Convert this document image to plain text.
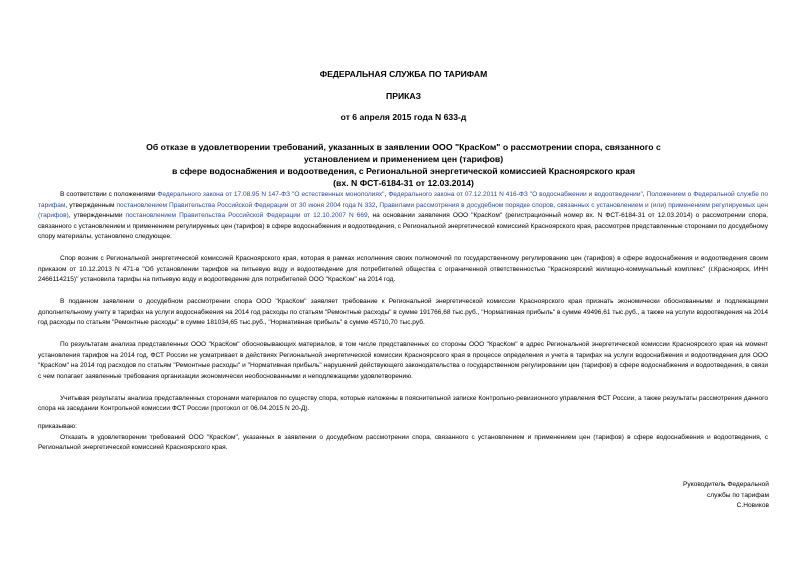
ФЕДЕРАЛЬНАЯ СЛУЖБА ПО ТАРИФАМ
ПРИКАЗ
от 6 апреля 2015 года N 633-д
Об отказе в удовлетворении требований, указанных в заявлении ООО "КрасКом" о рассмотрении спора, связанного с установлением и применением цен (тарифов)
в сфере водоснабжения и водоотведения, с Региональной энергетической комиссией Красноярского края
(вх. N ФСТ-6184-31 от 12.03.2014)

В соответствии с положениями Федерального закона от 17.08.95 N 147-ФЗ "О естественных монополиях", Федерального закона от 07.12.2011 N 416-ФЗ "О водоснабжении и водоотведении", Положением о Федеральной службе по тарифам, утвержденным постановлением Правительства Российской Федерации от 30 июня 2004 года N 332, Правилами рассмотрения в досудебном порядке споров, связанных с установлением и (или) применением регулируемых цен (тарифов), утвержденными постановлением Правительства Российской Федерации от 12.10.2007 N 669, на основании заявления ООО "КрасКом" (регистрационный номер вх. N ФСТ-6184-31 от 12.03.2014) о рассмотрении спора, связанного с установлением и применением регулируемых цен (тарифов) в сфере водоснабжения и водоотведения, с Региональной энергетической комиссией Красноярского края, рассмотрев представленные сторонами по досудебному спору материалы, установлено следующее.

Спор возник с Региональной энергетической комиссией Красноярского края, которая в рамках исполнения своих полномочий по государственному регулированию цен (тарифов) в сфере водоснабжения и водоотведения своим приказом от 10.12.2013 N 471-в "Об установлении тарифов на питьевую воду и водоотведение для потребителей общества с ограниченной ответственностью "Красноярский жилищно-коммунальный комплекс" (г.Красноярск, ИНН 2466114215)" установила тарифы на питьевую воду и водоотведение для потребителей ООО "КрасКом" на 2014 год.

В поданном заявлении о досудебном рассмотрении спора ООО "КрасКом" заявляет требование к Региональной энергетической комиссии Красноярского края признать экономически обоснованными и подлежащими дополнительному учету в тарифах на услуги водоснабжения на 2014 год расходы по статьям "Ремонтные расходы" в сумме 191766,68 тыс.руб., "Нормативная прибыль" в сумме 49496,61 тыс.руб., а также на услуги водоотведения на 2014 год расходы по статьям "Ремонтные расходы" в сумме 181034,65 тыс.руб., "Нормативная прибыль" в сумме 45710,70 тыс.руб.

По результатам анализа представленных ООО "КрасКом" обосновывающих материалов, в том числе представленных со стороны ООО "КрасКом" в адрес Региональной энергетической комиссии Красноярского края на момент установления тарифов на 2014 год, ФСТ России не усматривает в действиях Региональной энергетической комиссии Красноярского края в процессе определения и учета в тарифах на услуги водоснабжения и водоотведения для ООО "КрасКом" на 2014 год расходов по статьям "Ремонтные расходы" и "Нормативная прибыль" нарушений действующего законодательства о государственном регулировании цен (тарифов) в сфере водоснабжения и водоотведения, в связи с чем полагает заявленные требования организации экономически необоснованными и неподлежащими удовлетворению.

Учитывая результаты анализа представленных сторонами материалов по существу спора, которые изложены в пояснительной записке Контрольно-ревизионного управления ФСТ России, а также результаты рассмотрения данного спора на заседании Контрольной комиссии ФСТ России (протокол от 06.04.2015 N 20-Д).

приказываю:

Отказать в удовлетворении требований ООО "КрасКом", указанных в заявлении о досудебном рассмотрении спора, связанного с установлением и применением цен (тарифов) в сфере водоснабжения и водоотведения, с Региональной энергетической комиссией Красноярского края.

Руководитель Федеральной
службы по тарифам
С.Новиков
